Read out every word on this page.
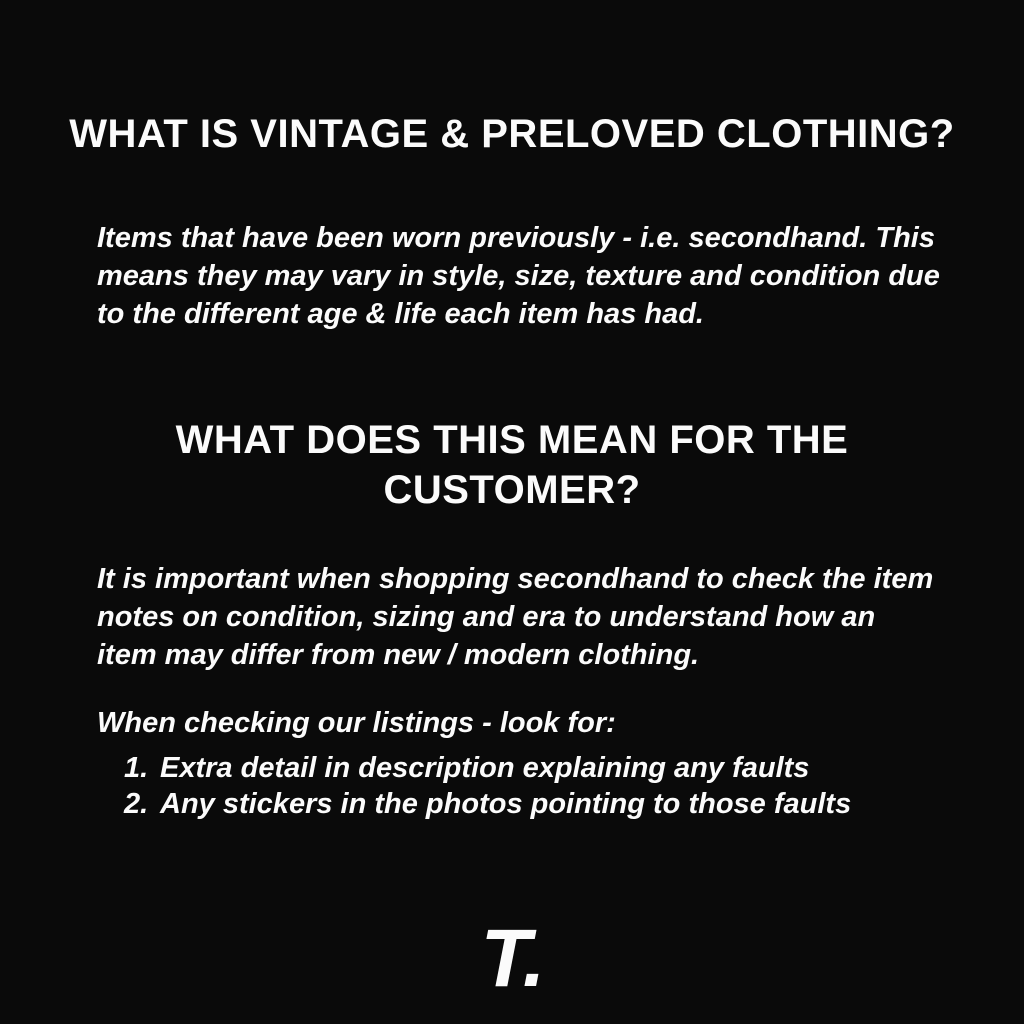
WHAT IS VINTAGE & PRELOVED CLOTHING?

Items that have been worn previously - i.e. secondhand. This means they may vary in style, size, texture and condition due to the different age & life each item has had.

WHAT DOES THIS MEAN FOR THE
CUSTOMER?

It is important when shopping secondhand to check the item notes on condition, sizing and era to understand how an item may differ from new / modern clothing.

When checking our listings - look for:

1. Extra detail in description explaining any faults
2. Any stickers in the photos pointing to those faults
T.
